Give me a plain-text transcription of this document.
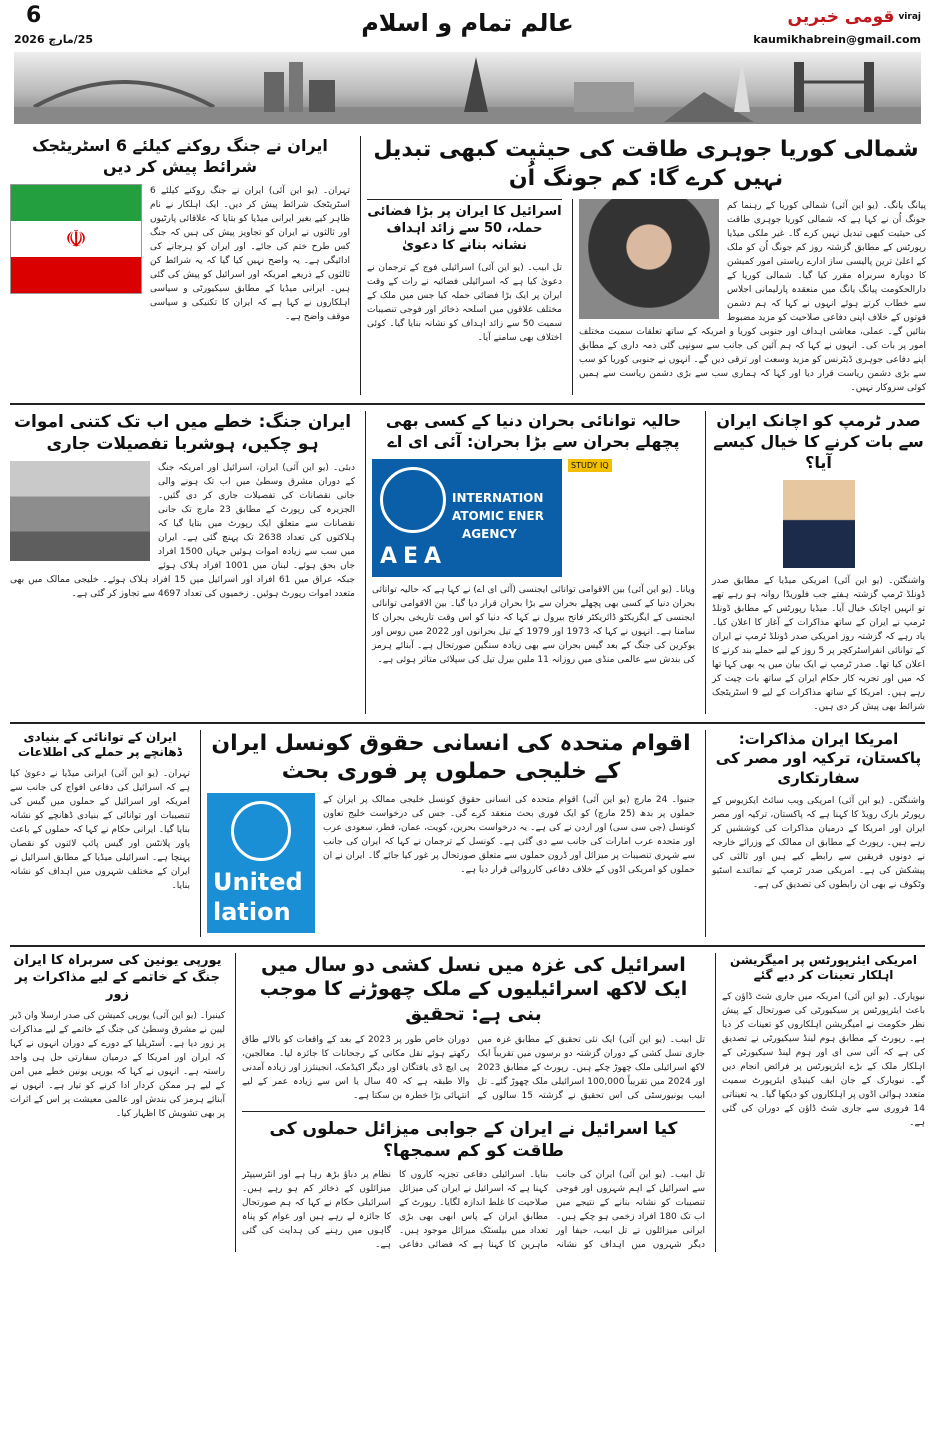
قومی خبریں viraj
kaumikhabrein@gmail.com
عالم تمام و اسلام
6
25/مارچ 2026
ایران نے جنگ روکنے کیلئے 6 اسٹریٹجک شرائط پیش کر دیں
☫
تہران۔ (یو این آئی) ایران نے جنگ روکنے کیلئے 6 اسٹریٹجک شرائط پیش کر دیں۔ ایک اہلکار نے نام ظاہر کیے بغیر ایرانی میڈیا کو بتایا کہ علاقائی پارٹیوں اور ثالثوں نے ایران کو تجاویز پیش کی ہیں کہ جنگ کس طرح ختم کی جائے۔ اور ایران کو ہرجانے کی ادائیگی ہے۔ یہ واضح نہیں کیا گیا کہ یہ شرائط کن ثالثوں کے ذریعے امریکہ اور اسرائیل کو پیش کی گئی ہیں۔ ایرانی میڈیا کے مطابق سیکیورٹی و سیاسی اہلکاروں نے کہا ہے کہ ایران کا تکنیکی و سیاسی موقف واضح ہے۔
شمالی کوریا جوہری طاقت کی حیثیت کبھی تبدیل نہیں کرے گا: کم جونگ اُن
اسرائیل کا ایران پر بڑا فضائی حملہ، 50 سے زائد اہداف نشانہ بنانے کا دعویٰ
تل ابیب۔ (یو این آئی) اسرائیلی فوج کے ترجمان نے دعویٰ کیا ہے کہ اسرائیلی فضائیہ نے رات کے وقت ایران پر ایک بڑا فضائی حملہ کیا جس میں ملک کے مختلف علاقوں میں اسلحہ ذخائر اور فوجی تنصیبات سمیت 50 سے زائد اہداف کو نشانہ بنایا گیا۔ کوئی اختلاف بھی سامنے آیا۔
پیانگ یانگ۔ (یو این آئی) شمالی کوریا کے رہنما کم جونگ اُن نے کہا ہے کہ شمالی کوریا جوہری طاقت کی حیثیت کبھی تبدیل نہیں کرے گا۔ غیر ملکی میڈیا رپورٹس کے مطابق گزشتہ روز کم جونگ اُن کو ملک کے اعلیٰ ترین پالیسی ساز ادارے ریاستی امور کمیشن کا دوبارہ سربراہ مقرر کیا گیا۔ شمالی کوریا کے دارالحکومت پیانگ یانگ میں منعقدہ پارلیمانی اجلاس سے خطاب کرتے ہوئے انہوں نے کہا کہ ہم دشمن قوتوں کے خلاف اپنی دفاعی صلاحیت کو مزید مضبوط بنائیں گے۔ عملی، معاشی اہداف اور جنوبی کوریا و امریکہ کے ساتھ تعلقات سمیت مختلف امور پر بات کی۔ انہوں نے کہا کہ ہم آئین کی جانب سے سونپی گئی ذمہ داری کے مطابق اپنے دفاعی جوہری ڈیٹرنس کو مزید وسعت اور ترقی دیں گے۔ انہوں نے جنوبی کوریا کو سب سے بڑی دشمن ریاست قرار دیا اور کہا کہ ہماری سب سے بڑی دشمن ریاست سے ہمیں کوئی سروکار نہیں۔
ایران جنگ: خطے میں اب تک کتنی اموات ہو چکیں، ہوشربا تفصیلات جاری
دبئی۔ (یو این آئی) ایران، اسرائیل اور امریکہ جنگ کے دوران مشرق وسطیٰ میں اب تک ہونے والی جانی نقصانات کی تفصیلات جاری کر دی گئیں۔ الجزیرہ کی رپورٹ کے مطابق 23 مارچ تک جانی نقصانات سے متعلق ایک رپورٹ میں بتایا گیا کہ ہلاکتوں کی تعداد 2638 تک پہنچ گئی ہے۔ ایران میں سب سے زیادہ اموات ہوئیں جہاں 1500 افراد جاں بحق ہوئے۔ لبنان میں 1001 افراد ہلاک ہوئے جبکہ عراق میں 61 افراد اور اسرائیل میں 15 افراد ہلاک ہوئے۔ خلیجی ممالک میں بھی متعدد اموات رپورٹ ہوئیں۔ زخمیوں کی تعداد 4697 سے تجاوز کر گئی ہے۔
حالیہ توانائی بحران دنیا کے کسی بھی پچھلے بحران سے بڑا بحران: آئی ای اے
INTERNATION
ATOMIC ENER
AGENCY
AEA
STUDY IQ
ویانا۔ (یو این آئی) بین الاقوامی توانائی ایجنسی (آئی ای اے) نے کہا ہے کہ حالیہ توانائی بحران دنیا کے کسی بھی پچھلے بحران سے بڑا بحران قرار دیا گیا۔ بین الاقوامی توانائی ایجنسی کے ایگزیکٹو ڈائریکٹر فاتح بیرول نے کہا کہ دنیا کو اس وقت تاریخی بحران کا سامنا ہے۔ انہوں نے کہا کہ 1973 اور 1979 کے تیل بحرانوں اور 2022 میں روس اور یوکرین کی جنگ کے بعد گیس بحران سے بھی زیادہ سنگین صورتحال ہے۔ آبنائے ہرمز کی بندش سے عالمی منڈی میں روزانہ 11 ملین بیرل تیل کی سپلائی متاثر ہوئی ہے۔
صدر ٹرمپ کو اچانک ایران سے بات کرنے کا خیال کیسے آیا؟
واشنگٹن۔ (یو این آئی) امریکی میڈیا کے مطابق صدر ڈونلڈ ٹرمپ گزشتہ ہفتے جب فلوریڈا روانہ ہو رہے تھے تو انہیں اچانک خیال آیا۔ میڈیا رپورٹس کے مطابق ڈونلڈ ٹرمپ نے ایران کے ساتھ مذاکرات کے آغاز کا اعلان کیا۔ یاد رہے کہ گزشتہ روز امریکی صدر ڈونلڈ ٹرمپ نے ایران کے توانائی انفراسٹرکچر پر 5 روز کے لیے حملے بند کرنے کا اعلان کیا تھا۔ صدر ٹرمپ نے ایک بیان میں یہ بھی کہا تھا کہ میں اور تجربہ کار حکام ایران کے ساتھ بات چیت کر رہے ہیں۔ امریکا کے ساتھ مذاکرات کے لیے 9 اسٹریٹجک شرائط بھی پیش کر دی ہیں۔
ایران کے توانائی کے بنیادی ڈھانچے پر حملے کی اطلاعات
تہران۔ (یو این آئی) ایرانی میڈیا نے دعویٰ کیا ہے کہ اسرائیل کی دفاعی افواج کی جانب سے امریکہ اور اسرائیل کے حملوں میں گیس کی تنصیبات اور توانائی کے بنیادی ڈھانچے کو نشانہ بنایا گیا۔ ایرانی حکام نے کہا کہ حملوں کے باعث پاور پلانٹس اور گیس پائپ لائنوں کو نقصان پہنچا ہے۔ اسرائیلی میڈیا کے مطابق اسرائیل نے ایران کے مختلف شہروں میں اہداف کو نشانہ بنایا۔
اقوام متحدہ کی انسانی حقوق کونسل ایران کے خلیجی حملوں پر فوری بحث
United
lation
جنیوا۔ 24 مارچ (یو این آئی) اقوام متحدہ کی انسانی حقوق کونسل خلیجی ممالک پر ایران کے حملوں پر بدھ (25 مارچ) کو ایک فوری بحث منعقد کرے گی۔ جس کی درخواست خلیج تعاون کونسل (جی سی سی) اور اردن نے کی ہے۔ یہ درخواست بحرین، کویت، عمان، قطر، سعودی عرب اور متحدہ عرب امارات کی جانب سے دی گئی ہے۔ کونسل کے ترجمان نے کہا کہ ایران کی جانب سے شہری تنصیبات پر میزائل اور ڈرون حملوں سے متعلق صورتحال پر غور کیا جائے گا۔ ایران نے ان حملوں کو امریکی اڈوں کے خلاف دفاعی کارروائی قرار دیا ہے۔
امریکا ایران مذاکرات: پاکستان، ترکیہ اور مصر کی سفارتکاری
واشنگٹن۔ (یو این آئی) امریکی ویب سائٹ ایکزیوس کے رپورٹر بارک رویڈ کا کہنا ہے کہ پاکستان، ترکیہ اور مصر ایران اور امریکا کے درمیان مذاکرات کی کوششیں کر رہے ہیں۔ رپورٹ کے مطابق ان ممالک کے وزرائے خارجہ نے دونوں فریقین سے رابطے کیے ہیں اور ثالثی کی پیشکش کی ہے۔ امریکی صدر ٹرمپ کے نمائندے اسٹیو وٹکوف نے بھی ان رابطوں کی تصدیق کی ہے۔
یورپی یونین کی سربراہ کا ایران جنگ کے خاتمے کے لیے مذاکرات پر زور
کینبرا۔ (یو این آئی) یورپی کمیشن کی صدر ارسلا وان ڈیر لیین نے مشرق وسطیٰ کی جنگ کے خاتمے کے لیے مذاکرات پر زور دیا ہے۔ آسٹریلیا کے دورے کے دوران انہوں نے کہا کہ ایران اور امریکا کے درمیان سفارتی حل ہی واحد راستہ ہے۔ انہوں نے کہا کہ یورپی یونین خطے میں امن کے لیے ہر ممکن کردار ادا کرنے کو تیار ہے۔ انہوں نے آبنائے ہرمز کی بندش اور عالمی معیشت پر اس کے اثرات پر بھی تشویش کا اظہار کیا۔
اسرائیل کی غزہ میں نسل کشی دو سال میں ایک لاکھ اسرائیلیوں کے ملک چھوڑنے کا موجب بنی ہے: تحقیق
تل ابیب۔ (یو این آئی) ایک نئی تحقیق کے مطابق غزہ میں جاری نسل کشی کے دوران گزشتہ دو برسوں میں تقریباً ایک لاکھ اسرائیلی ملک چھوڑ چکے ہیں۔ رپورٹ کے مطابق 2023 اور 2024 میں تقریباً 100,000 اسرائیلی ملک چھوڑ گئے۔ تل ابیب یونیورسٹی کی اس تحقیق نے گزشتہ 15 سالوں کے دوران خاص طور پر 2023 کے بعد کے واقعات کو بالائے طاق رکھتے ہوئے نقل مکانی کے رجحانات کا جائزہ لیا۔ معالجین، پی ایچ ڈی یافتگان اور دیگر اکیڈمک، انجینئرز اور زیادہ آمدنی والا طبقہ ہے کہ 40 سال یا اس سے زیادہ عمر کے لیے انتہائی بڑا خطرہ بن سکتا ہے۔
کیا اسرائیل نے ایران کے جوابی میزائل حملوں کی طاقت کو کم سمجھا؟
تل ابیب۔ (یو این آئی) ایران کی جانب سے اسرائیل کے اہم شہروں اور فوجی تنصیبات کو نشانہ بنانے کے نتیجے میں اب تک 180 افراد زخمی ہو چکے ہیں۔ ایرانی میزائلوں نے تل ابیب، حیفا اور دیگر شہروں میں اہداف کو نشانہ بنایا۔ اسرائیلی دفاعی تجزیہ کاروں کا کہنا ہے کہ اسرائیل نے ایران کی میزائل صلاحیت کا غلط اندازہ لگایا۔ رپورٹ کے مطابق ایران کے پاس ابھی بھی بڑی تعداد میں بیلسٹک میزائل موجود ہیں۔ ماہرین کا کہنا ہے کہ فضائی دفاعی نظام پر دباؤ بڑھ رہا ہے اور انٹرسیپٹر میزائلوں کے ذخائر کم ہو رہے ہیں۔ اسرائیلی حکام نے کہا کہ ہم صورتحال کا جائزہ لے رہے ہیں اور عوام کو پناہ گاہوں میں رہنے کی ہدایت کی گئی ہے۔
امریکی ایئرپورٹس پر امیگریشن اہلکار تعینات کر دیے گئے
نیویارک۔ (یو این آئی) امریکہ میں جاری شٹ ڈاؤن کے باعث ایئرپورٹس پر سیکیورٹی کی صورتحال کے پیش نظر حکومت نے امیگریشن اہلکاروں کو تعینات کر دیا ہے۔ رپورٹ کے مطابق ہوم لینڈ سیکیورٹی نے تصدیق کی ہے کہ آئی سی ای اور ہوم لینڈ سیکیورٹی کے اہلکار ملک کے بڑے ایئرپورٹس پر فرائض انجام دیں گے۔ نیویارک کے جان ایف کینیڈی ایئرپورٹ سمیت متعدد ہوائی اڈوں پر اہلکاروں کو دیکھا گیا۔ یہ تعیناتی 14 فروری سے جاری شٹ ڈاؤن کے دوران کی گئی ہے۔
